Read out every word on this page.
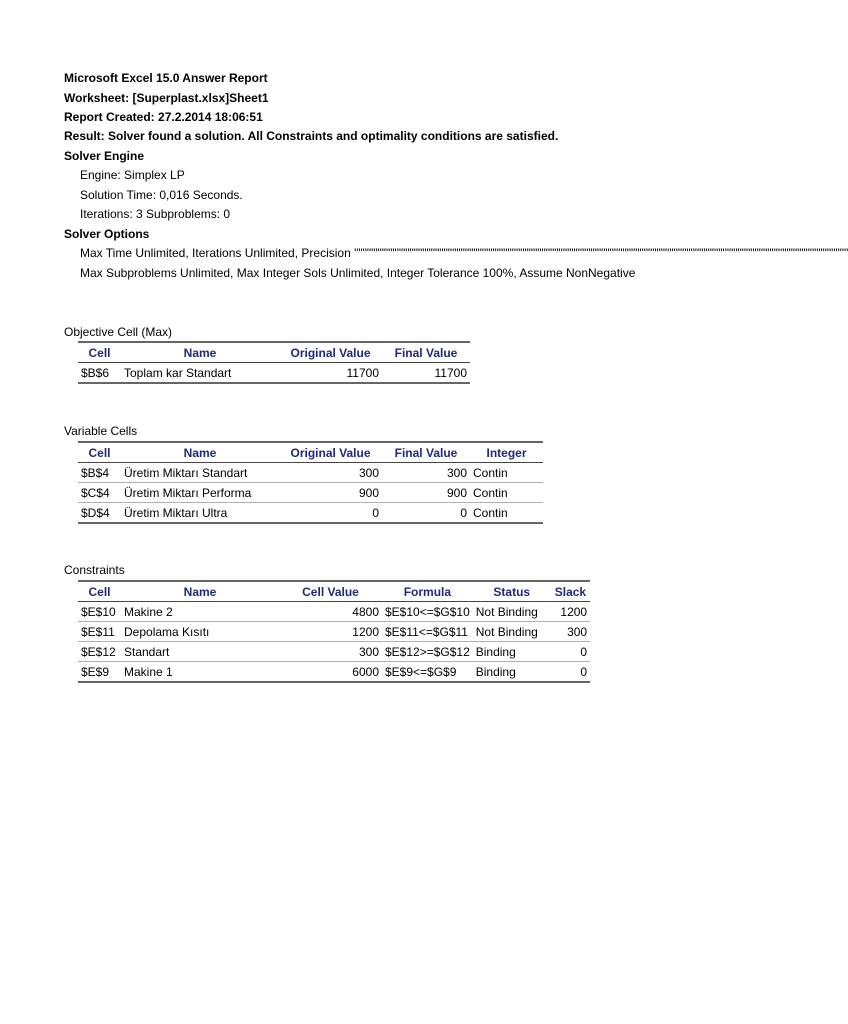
Microsoft Excel 15.0 Answer Report
Worksheet: [Superplast.xlsx]Sheet1
Report Created: 27.2.2014 18:06:51
Result: Solver found a solution. All Constraints and optimality conditions are satisfied.
Solver Engine
Engine: Simplex LP
Solution Time: 0,016 Seconds.
Iterations: 3 Subproblems: 0
Solver Options
Max Time Unlimited, Iterations Unlimited, Precision """"""""""""""""""""""""""""""""""""""""""""""""""""""""""""""""""""""""""""""""""""""""""""""""""""""""""""""""""""
Max Subproblems Unlimited, Max Integer Sols Unlimited, Integer Tolerance 100%, Assume NonNegative
Objective Cell (Max)
Cell	Name	Original Value	Final Value
$B$6	Toplam kar Standart	11700	11700
Variable Cells
Cell	Name	Original Value	Final Value	Integer
$B$4	Üretim Miktarı Standart	300	300	Contin
$C$4	Üretim Miktarı Performa	900	900	Contin
$D$4	Üretim Miktarı Ultra	0	0	Contin
Constraints
Cell	Name	Cell Value	Formula	Status	Slack
$E$10	Makine 2	4800	$E$10<=$G$10	Not Binding	1200
$E$11	Depolama Kısıtı	1200	$E$11<=$G$11	Not Binding	300
$E$12	Standart	300	$E$12>=$G$12	Binding	0
$E$9	Makine 1	6000	$E$9<=$G$9	Binding	0
